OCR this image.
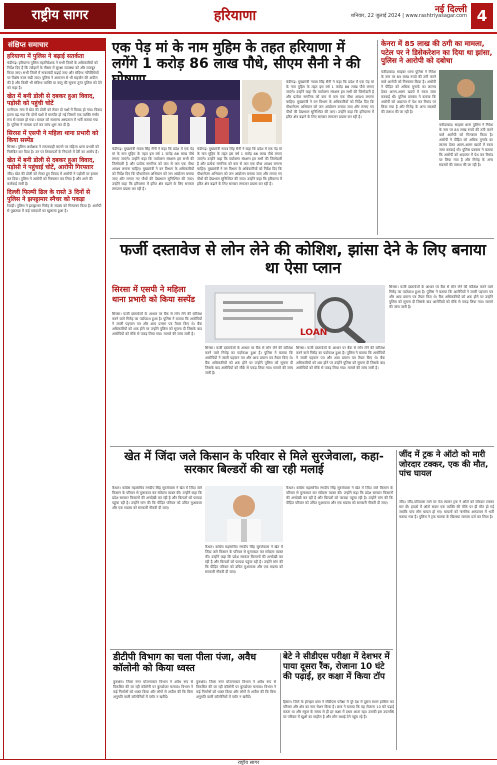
राष्ट्रीय सागर	हरियाणा	नई दिल्ली
शनिवार, 22 जुलाई 2024 | www.rashtriyasagar.com 4
संक्षिप्त समाचार
हरियाणा में पुलिस ने बढ़ाई सतर्कता
चंडीगढ़। हरियाणा पुलिस महानिदेशक ने सभी जिलों के अधिकारियों को निर्देश दिए हैं कि त्योहारों के मौसम में सुरक्षा व्यवस्था को और मजबूत किया जाए। सभी जिलों में नाकाबंदी बढ़ाई जाए और संदिग्ध गतिविधियों पर विशेष नजर रखी जाए। पुलिस ने आमजन से भी सहयोग की अपील की है और किसी भी संदिग्ध व्यक्ति या वस्तु की सूचना तुरंत पुलिस को देने को कहा है।
खेत में बनी डोली से दबकर हुआ विवाद, पड़ोसी को पहुंची चोटें
पानीपत। गांव में खेत की डोली को लेकर दो पक्षों में विवाद हो गया। विवाद इतना बढ़ गया कि दोनों पक्षों में मारपीट हो गई जिसमें एक व्यक्ति गंभीर रूप से घायल हो गया। घायल को सामान्य अस्पताल में भर्ती कराया गया है। पुलिस ने मामला दर्ज कर जांच शुरू कर दी है।
सिरसा में एसपी ने महिला थाना प्रभारी को किया सस्पेंड
सिरसा। पुलिस अधीक्षक ने लापरवाही बरतने पर महिला थाना प्रभारी को निलंबित कर दिया है। उन पर शिकायतों के निपटारे में देरी का आरोप है।
खेत में बनी डोली से दबकर हुआ विवाद, पड़ोसी ने पहुंचाई चोटें, आरोपी गिरफ्तार
जींद। खेत की डोली को लेकर हुए विवाद में आरोपी ने पड़ोसी पर हमला कर दिया। पुलिस ने आरोपी को गिरफ्तार कर लिया है और आगे की कार्रवाई जारी है।
दिल्ली फिल्मी ढिल के रास्ते 3 दिनों से पुलिस ने झपट्टामार स्नैचर को पकड़ा
रेवाड़ी। पुलिस ने झपट्टामार गिरोह के सदस्य को गिरफ्तार किया है। आरोपी से पूछताछ में कई वारदातों का खुलासा हुआ है।
एक पेड़ मां के नाम मुहिम के तहत हरियाणा में लगेंगे 1 करोड़ 86 लाख पौधे, सीएम सैनी ने की
चंडीगढ़। मुख्यमंत्री नायब सिंह सैनी ने कहा कि प्रदेश में एक पेड़ मां के नाम मुहिम के तहत इस वर्ष 1 करोड़ 86 लाख पौधे लगाए जाएंगे। उन्होंने कहा कि पर्यावरण संरक्षण हम सभी की जिम्मेदारी है और प्रत्येक नागरिक को कम से कम एक पौधा अवश्य लगाना चाहिए। मुख्यमंत्री ने वन विभाग के अधिकारियों को निर्देश दिए कि पौधारोपण अभियान को जन आंदोलन बनाया जाए और लगाए गए पौधों की देखभाल सुनिश्चित की जाए। उन्होंने कहा कि हरियाणा में हरित क्षेत्र बढ़ाने के लिए सरकार लगातार प्रयास कर रही है।
चंडीगढ़। मुख्यमंत्री नायब सिंह सैनी ने कहा कि प्रदेश में एक पेड़ मां के नाम मुहिम के तहत इस वर्ष 1 करोड़ 86 लाख पौधे लगाए जाएंगे। उन्होंने कहा कि पर्यावरण संरक्षण हम सभी की जिम्मेदारी है और प्रत्येक नागरिक को कम से कम एक पौधा अवश्य लगाना चाहिए। मुख्यमंत्री ने वन विभाग के अधिकारियों को निर्देश दिए कि पौधारोपण अभियान को जन आंदोलन बनाया जाए और लगाए गए पौधों की देखभाल सुनिश्चित की जाए। उन्होंने कहा कि हरियाणा में हरित क्षेत्र बढ़ाने के लिए सरकार लगातार प्रयास कर रही है।
चंडीगढ़। मुख्यमंत्री नायब सिंह सैनी ने कहा कि प्रदेश में एक पेड़ मां के नाम मुहिम के तहत इस वर्ष 1 करोड़ 86 लाख पौधे लगाए जाएंगे। उन्होंने कहा कि पर्यावरण संरक्षण हम सभी की जिम्मेदारी है और प्रत्येक नागरिक को कम से कम एक पौधा अवश्य लगाना चाहिए। मुख्यमंत्री ने वन विभाग के अधिकारियों को निर्देश दिए कि पौधारोपण अभियान को जन आंदोलन बनाया जाए और लगाए गए पौधों की देखभाल सुनिश्चित की जाए। उन्होंने कहा कि हरियाणा में हरित क्षेत्र बढ़ाने के लिए सरकार लगातार प्रयास कर रही है।
केनरा में 85 लाख की ठगी का मामला, पटेल पर ने डिसेकरेशन का दिया था झांसा, पुलिस ने आरोपी को दबोचा
फरीदाबाद। साइबर थाना पुलिस ने निवेश के नाम पर 85 लाख रुपये की ठगी करने वाले आरोपी को गिरफ्तार किया है। आरोपी ने पीड़ित को अधिक मुनाफे का लालच देकर अलग-अलग खातों में रकम जमा करवाई थी। पुलिस प्रवक्ता ने बताया कि आरोपी को अदालत में पेश कर रिमांड पर लिया गया है और गिरोह के अन्य सदस्यों की तलाश की जा रही है।
फरीदाबाद। साइबर थाना पुलिस ने निवेश के नाम पर 85 लाख रुपये की ठगी करने वाले आरोपी को गिरफ्तार किया है। आरोपी ने पीड़ित को अधिक मुनाफे का लालच देकर अलग-अलग खातों में रकम जमा करवाई थी। पुलिस प्रवक्ता ने बताया कि आरोपी को अदालत में पेश कर रिमांड पर लिया गया है और गिरोह के अन्य सदस्यों की तलाश की जा रही है।
फर्जी दस्तावेज से लोन लेने की कोशिश, झांसा देने के लिए बनाया था ऐसा प्लान
सिरसा में एसपी ने महिला थाना प्रभारी को किया सस्पेंड
सिरसा। फर्जी दस्तावेजों के आधार पर बैंक से लोन लेने की कोशिश करने वाले गिरोह का पर्दाफाश हुआ है। पुलिस ने बताया कि आरोपियों ने जाली पहचान पत्र और आय प्रमाण पत्र तैयार किए थे। बैंक अधिकारियों को शक होने पर उन्होंने पुलिस को सूचना दी जिसके बाद आरोपियों को मौके से पकड़ लिया गया। मामले की जांच जारी है।	LOAN
सिरसा। फर्जी दस्तावेजों के आधार पर बैंक से लोन लेने की कोशिश करने वाले गिरोह का पर्दाफाश हुआ है। पुलिस ने बताया कि आरोपियों ने जाली पहचान पत्र और आय प्रमाण पत्र तैयार किए थे। बैंक अधिकारियों को शक होने पर उन्होंने पुलिस को सूचना दी जिसके बाद आरोपियों को मौके से पकड़ लिया गया। मामले की जांच जारी है।
सिरसा। फर्जी दस्तावेजों के आधार पर बैंक से लोन लेने की कोशिश करने वाले गिरोह का पर्दाफाश हुआ है। पुलिस ने बताया कि आरोपियों ने जाली पहचान पत्र और आय प्रमाण पत्र तैयार किए थे। बैंक अधिकारियों को शक होने पर उन्होंने पुलिस को सूचना दी जिसके बाद आरोपियों को मौके से पकड़ लिया गया। मामले की जांच जारी है।
सिरसा। फर्जी दस्तावेजों के आधार पर बैंक से लोन लेने की कोशिश करने वाले गिरोह का पर्दाफाश हुआ है। पुलिस ने बताया कि आरोपियों ने जाली पहचान पत्र और आय प्रमाण पत्र तैयार किए थे। बैंक अधिकारियों को शक होने पर उन्होंने पुलिस को सूचना दी जिसके बाद आरोपियों को मौके से पकड़ लिया गया। मामले की जांच जारी है।
खेत में जिंदा जले किसान के परिवार से मिले सुरजेवाला, कहा- सरकार बिल्डरों की खा रही मलाई
कैथल। कांग्रेस महासचिव रणदीप सिंह सुरजेवाला ने खेत में जिंदा जले किसान के परिवार से मुलाकात कर संवेदना व्यक्त की। उन्होंने कहा कि प्रदेश सरकार किसानों की अनदेखी कर रही है और बिल्डरों को फायदा पहुंचा रही है। उन्होंने मांग की कि पीड़ित परिवार को उचित मुआवजा और एक सदस्य को सरकारी नौकरी दी जाए।
कैथल। कांग्रेस महासचिव रणदीप सिंह सुरजेवाला ने खेत में जिंदा जले किसान के परिवार से मुलाकात कर संवेदना व्यक्त की। उन्होंने कहा कि प्रदेश सरकार किसानों की अनदेखी कर रही है और बिल्डरों को फायदा पहुंचा रही है। उन्होंने मांग की कि पीड़ित परिवार को उचित मुआवजा और एक सदस्य को सरकारी नौकरी दी जाए।
कैथल। कांग्रेस महासचिव रणदीप सिंह सुरजेवाला ने खेत में जिंदा जले किसान के परिवार से मुलाकात कर संवेदना व्यक्त की। उन्होंने कहा कि प्रदेश सरकार किसानों की अनदेखी कर रही है और बिल्डरों को फायदा पहुंचा रही है। उन्होंने मांग की कि पीड़ित परिवार को उचित मुआवजा और एक सदस्य को सरकारी नौकरी दी जाए।
जींद में ट्रक ने ऑटो को मारी जोरदार टक्कर, एक की मौत, पांच घायल
जींद। जींद-पटियाला मार्ग पर तेज रफ्तार ट्रक ने ऑटो को जोरदार टक्कर मार दी। हादसे में ऑटो सवार एक व्यक्ति की मौके पर ही मौत हो गई जबकि पांच लोग घायल हो गए। घायलों को नागरिक अस्पताल में भर्ती कराया गया है। पुलिस ने ट्रक चालक के खिलाफ मामला दर्ज कर लिया है।
डीटीपी विभाग का चला पीला पंजा, अवैध कॉलोनी को किया ध्वस्त
कुरुक्षेत्र। जिला नगर योजनाकार विभाग ने अवैध रूप से विकसित की जा रही कॉलोनी पर बुलडोजर चलाया। विभाग ने कई निर्माणों को ध्वस्त किया और लोगों से अपील की कि बिना अनुमति वाली कॉलोनियों में प्लॉट न खरीदें।
कुरुक्षेत्र। जिला नगर योजनाकार विभाग ने अवैध रूप से विकसित की जा रही कॉलोनी पर बुलडोजर चलाया। विभाग ने कई निर्माणों को ध्वस्त किया और लोगों से अपील की कि बिना अनुमति वाली कॉलोनियों में प्लॉट न खरीदें।
बेटे ने सीडीएस परीक्षा में देशभर में पाया दूसरा रैंक, रोजाना 10 घंटे की पढ़ाई, हर कक्षा में किया टॉप
हिसार। जिले के होनहार छात्र ने सीडीएस परीक्षा में पूरे देश में दूसरा स्थान हासिल कर परिवार और क्षेत्र का नाम रोशन किया है। छात्र ने बताया कि वह रोजाना 10 घंटे पढ़ाई करता था और स्कूल के समय से ही हर कक्षा में प्रथम आता रहा। उसकी इस उपलब्धि पर परिवार में खुशी का माहौल है और लोग बधाई देने पहुंच रहे हैं।
राष्ट्रीय सागर
